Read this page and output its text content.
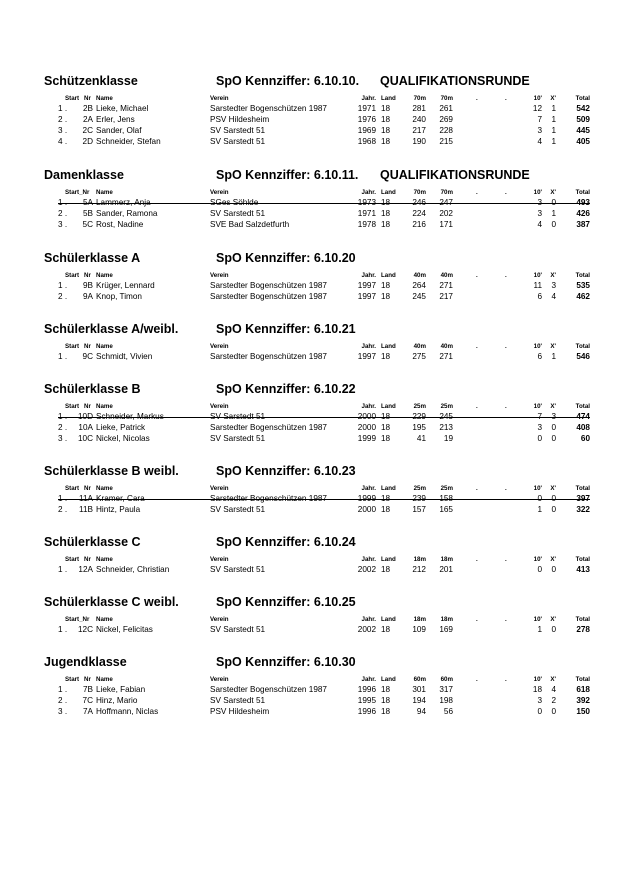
Schützenklasse	SpO Kennziffer: 6.10.10. QUALIFIKATIONSRUNDE
Start Nr Name	Verein	Jahr. Land	70m	70m	.	.	10'	X'	Total
1 .	2B Lieke, Michael	Sarstedter Bogenschützen 1987	1971 18	281	261	12	1	542
2 .	2A Erler, Jens	PSV Hildesheim	1976 18	240	269	7	1	509
3 .	2C Sander, Olaf	SV Sarstedt 51	1969 18	217	228	3	1	445
4 .	2D Schneider, Stefan	SV Sarstedt 51	1968 18	190	215	4	1	405
Damenklasse	SpO Kennziffer: 6.10.11. QUALIFIKATIONSRUNDE
Start_Nr Name	Verein	Jahr. Land	70m	70m	.	.	10'	X'	Total
1 .	5A Lammerz, Anja	SGes Söhlde	1973 18	246	247	3	0	493
2 .	5B Sander, Ramona	SV Sarstedt 51	1971 18	224	202	3	1	426
3 .	5C Rost, Nadine	SVE Bad Salzdetfurth	1978 18	216	171	4	0	387
Schülerklasse A	SpO Kennziffer: 6.10.20
Start Nr Name	Verein	Jahr. Land	40m	40m	.	.	10'	X'	Total
1 .	9B Krüger, Lennard	Sarstedter Bogenschützen 1987	1997 18	264	271	11	3	535
2 .	9A Knop, Timon	Sarstedter Bogenschützen 1987	1997 18	245	217	6	4	462
Schülerklasse A/weibl.	SpO Kennziffer: 6.10.21
Start Nr Name	Verein	Jahr. Land	40m	40m	.	.	10'	X'	Total
1 .	9C Schmidt, Vivien	Sarstedter Bogenschützen 1987	1997 18	275	271	6	1	546
Schülerklasse B	SpO Kennziffer: 6.10.22
Start Nr Name	Verein	Jahr. Land	25m	25m	.	.	10'	X'	Total
1 .	10D Schneider, Markus	SV Sarstedt 51	2000 18	229	245	7	3	474
2 .	10A Lieke, Patrick	Sarstedter Bogenschützen 1987	2000 18	195	213	3	0	408
3 .	10C Nickel, Nicolas	SV Sarstedt 51	1999 18	41	19	0	0	60
Schülerklasse B weibl.	SpO Kennziffer: 6.10.23
Start Nr Name	Verein	Jahr. Land	25m	25m	.	.	10'	X'	Total
1 .	11A Kramer, Cara	Sarstedter Bogenschützen 1987	1999 18	239	158	0	0	397
2 .	11B Hintz, Paula	SV Sarstedt 51	2000 18	157	165	1	0	322
Schülerklasse C	SpO Kennziffer: 6.10.24
Start Nr Name	Verein	Jahr. Land	18m	18m	.	.	10'	X'	Total
1 .	12A Schneider, Christian	SV Sarstedt 51	2002 18	212	201	0	0	413
Schülerklasse C weibl.	SpO Kennziffer: 6.10.25
Start_Nr Name	Verein	Jahr. Land	18m	18m	.	.	10'	X'	Total
1 .	12C Nickel, Felicitas	SV Sarstedt 51	2002 18	109	169	1	0	278
Jugendklasse	SpO Kennziffer: 6.10.30
Start Nr Name	Verein	Jahr. Land	60m	60m	.	.	10'	X'	Total
1 .	7B Lieke, Fabian	Sarstedter Bogenschützen 1987	1996 18	301	317	18	4	618
2 .	7C Hinz, Mario	SV Sarstedt 51	1995 18	194	198	3	2	392
3 .	7A Hoffmann, Niclas	PSV Hildesheim	1996 18	94	56	0	0	150
